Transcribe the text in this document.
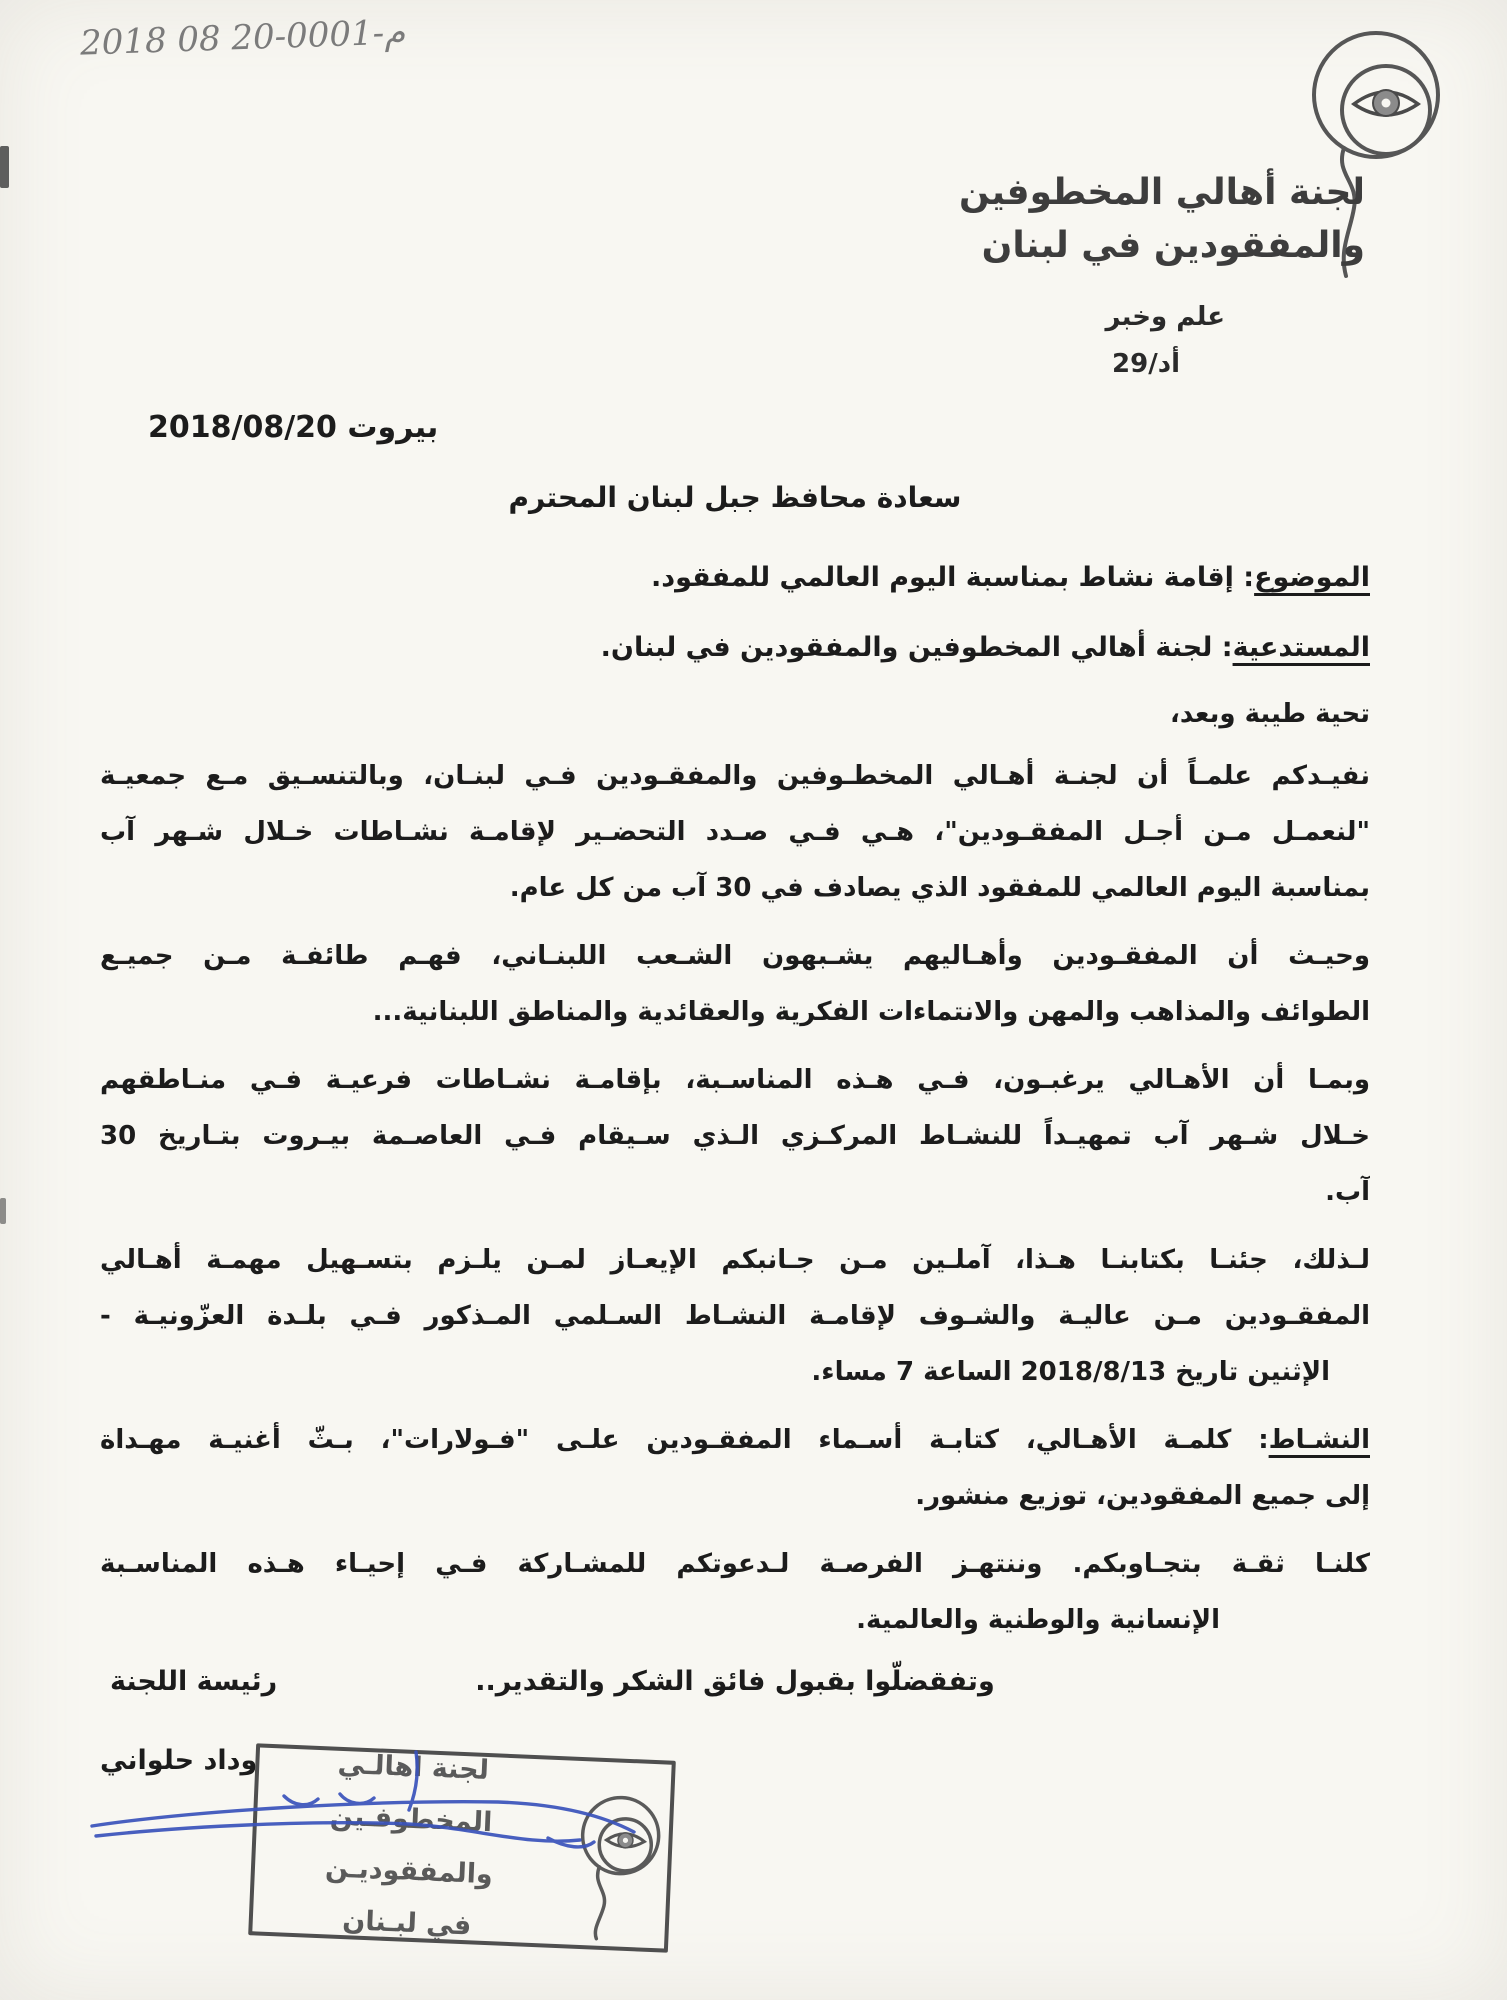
2018 08 20-0001-م
لجنة أهالي المخطوفين
والمفقودين في لبنان
علم وخبر
أد/29
بيروت 2018/08/20
سعادة محافظ جبل لبنان المحترم
الموضوع: إقامة نشاط بمناسبة اليوم العالمي للمفقود.
المستدعية: لجنة أهالي المخطوفين والمفقودين في لبنان.
تحية طيبة وبعد،
نفيـدكم علمـاً أن لجنـة أهـالي المخطـوفين والمفقـودين فـي لبنـان، وبالتنسـيق مـع جمعيـة
"لنعمـل مـن أجـل المفقـودين"، هـي فـي صـدد التحضـير لإقامـة نشـاطات خـلال شـهر آب
بمناسبة اليوم العالمي للمفقود الذي يصادف في 30 آب من كل عام.
وحيـث أن المفقـودين وأهـاليهم يشـبهون الشـعب اللبنـاني، فهـم طائفـة مـن جميـع
الطوائف والمذاهب والمهن والانتماءات الفكرية والعقائدية والمناطق اللبنانية...
وبمـا أن الأهـالي يرغبـون، فـي هـذه المناسـبة، بإقامـة نشـاطات فرعيـة فـي منـاطقهم
خـلال شـهر آب تمهيـداً للنشـاط المركـزي الـذي سـيقام فـي العاصـمة بيـروت بتـاريخ 30
آب.
لـذلك، جئنـا بكتابنـا هـذا، آملـين مـن جـانبكم الإيعـاز لمـن يلـزم بتسـهيل مهمـة أهـالي
المفقـودين مـن عاليـة والشـوف لإقامـة النشـاط السـلمي المـذكور فـي بلـدة العزّونيـة -
الإثنين تاريخ 2018/8/13 الساعة 7 مساء.
النشـاط: كلمـة الأهـالي، كتابـة أسـماء المفقـودين علـى "فـولارات"، بـثّ أغنيـة مهـداة
إلى جميع المفقودين، توزيع منشور.
كلنـا ثقـة بتجـاوبكم. وننتهـز الفرصـة لـدعوتكم للمشـاركة فـي إحيـاء هـذه المناسـبة
الإنسانية والوطنية والعالمية.
وتفقضلّوا بقبول فائق الشكر والتقدير..
رئيسة اللجنة
وداد حلواني	لجنة اهالـي
المخطوفـين والمفقوديـن
في لبـنان
